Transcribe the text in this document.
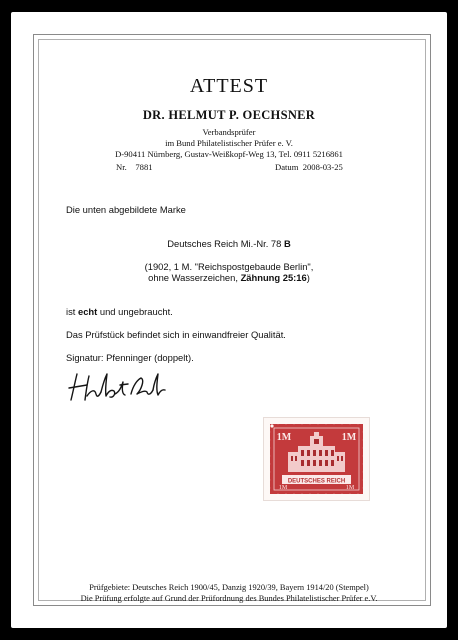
ATTEST
DR. HELMUT P. OECHSNER
Verbandsprüfer
im Bund Philatelistischer Prüfer e. V.
D-90411 Nürnberg, Gustav-Weißkopf-Weg 13, Tel. 0911 5216861
Nr. 7881	Datum 2008-03-25
Die unten abgebildete Marke
Deutsches Reich Mi.-Nr. 78 B
(1902, 1 M. "Reichspostgebaude Berlin",
ohne Wasserzeichen, Zähnung 25:16)
ist echt und ungebraucht.
Das Prüfstück befindet sich in einwandfreier Qualität.
Signatur: Pfenninger (doppelt).
1M	1M
DEUTSCHES REICH
1M	1M
Prüfgebiete: Deutsches Reich 1900/45, Danzig 1920/39, Bayern 1914/20 (Stempel)
Die Prüfung erfolgte auf Grund der Prüfordnung des Bundes Philatelistischer Prüfer e.V.
